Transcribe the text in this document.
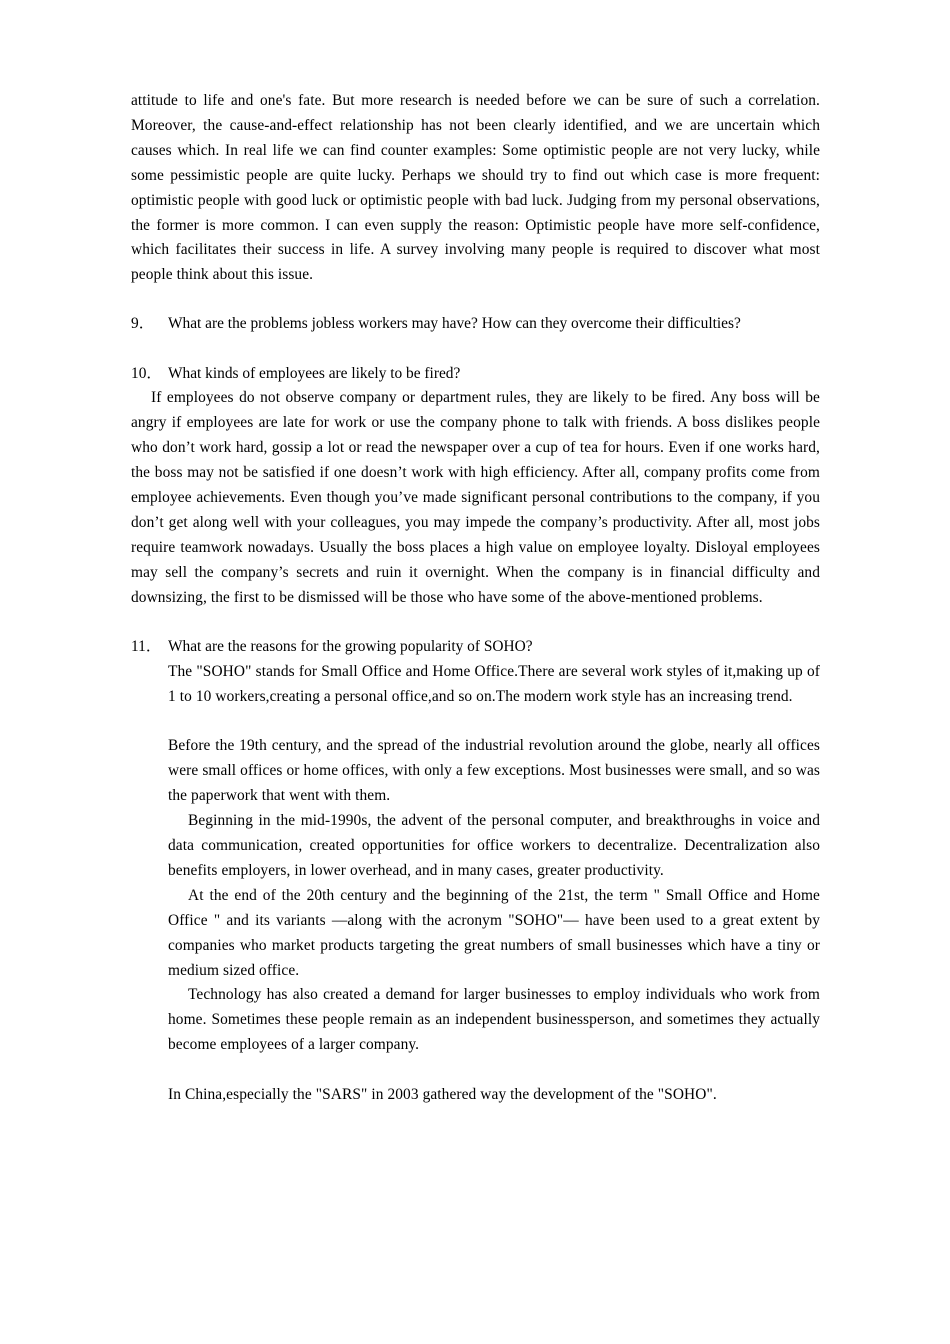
attitude to life and one's fate. But more research is needed before we can be sure of such a correlation. Moreover, the cause-and-effect relationship has not been clearly identified, and we are uncertain which causes which. In real life we can find counter examples: Some optimistic people are not very lucky, while some pessimistic people are quite lucky. Perhaps we should try to find out which case is more frequent: optimistic people with good luck or optimistic people with bad luck. Judging from my personal observations, the former is more common. I can even supply the reason: Optimistic people have more self-confidence, which facilitates their success in life. A survey involving many people is required to discover what most people think about this issue.

9． What are the problems jobless workers may have? How can they overcome their difficulties?
10． What kinds of employees are likely to be fired?

If employees do not observe company or department rules, they are likely to be fired. Any boss will be angry if employees are late for work or use the company phone to talk with friends. A boss dislikes people who don’t work hard, gossip a lot or read the newspaper over a cup of tea for hours. Even if one works hard, the boss may not be satisfied if one doesn’t work with high efficiency. After all, company profits come from employee achievements. Even though you’ve made significant personal contributions to the company, if you don’t get along well with your colleagues, you may impede the company’s productivity. After all, most jobs require teamwork nowadays. Usually the boss places a high value on employee loyalty. Disloyal employees may sell the company’s secrets and ruin it overnight. When the company is in financial difficulty and downsizing, the first to be dismissed will be those who have some of the above-mentioned problems.

11． What are the reasons for the growing popularity of SOHO?

The "SOHO" stands for Small Office and Home Office.There are several work styles of it,making up of 1 to 10 workers,creating a personal office,and so on.The modern work style has an increasing trend.

Before the 19th century, and the spread of the industrial revolution around the globe, nearly all offices were small offices or home offices, with only a few exceptions. Most businesses were small, and so was the paperwork that went with them.

Beginning in the mid-1990s, the advent of the personal computer, and breakthroughs in voice and data communication, created opportunities for office workers to decentralize. Decentralization also benefits employers, in lower overhead, and in many cases, greater productivity.

At the end of the 20th century and the beginning of the 21st, the term " Small Office and Home Office " and its variants —along with the acronym "SOHO"— have been used to a great extent by companies who market products targeting the great numbers of small businesses which have a tiny or medium sized office.

Technology has also created a demand for larger businesses to employ individuals who work from home. Sometimes these people remain as an independent businessperson, and sometimes they actually become employees of a larger company.

In China,especially the "SARS" in 2003 gathered way the development of the "SOHO".
